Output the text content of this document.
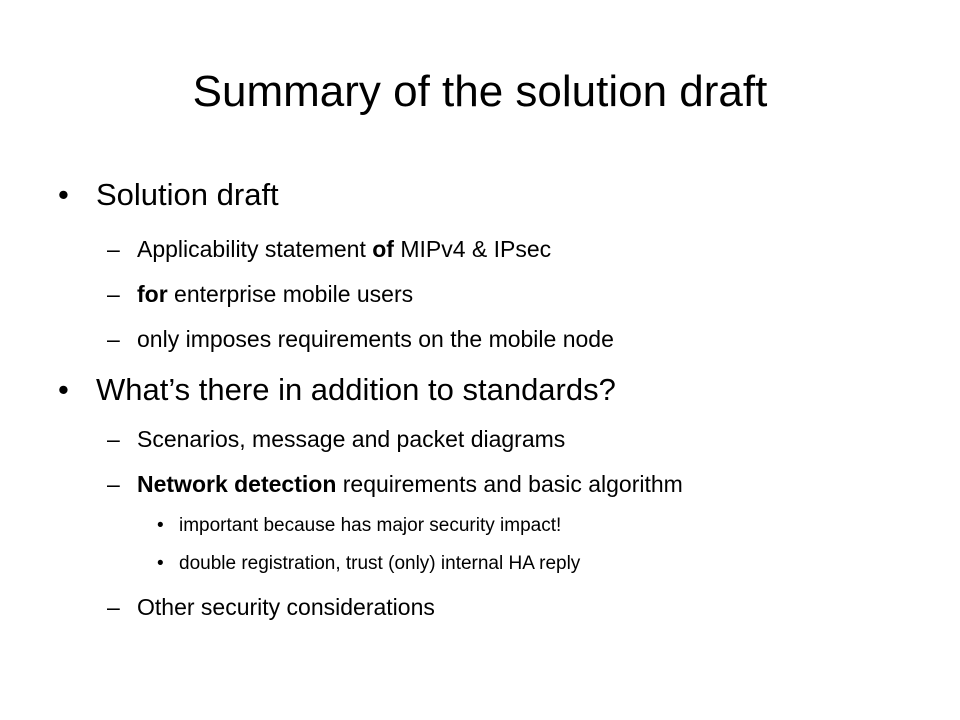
Summary of the solution draft
• Solution draft
– Applicability statement of MIPv4 & IPsec
– for enterprise mobile users
– only imposes requirements on the mobile node
• What’s there in addition to standards?
– Scenarios, message and packet diagrams
– Network detection requirements and basic algorithm
• important because has major security impact!
• double registration, trust (only) internal HA reply
– Other security considerations
